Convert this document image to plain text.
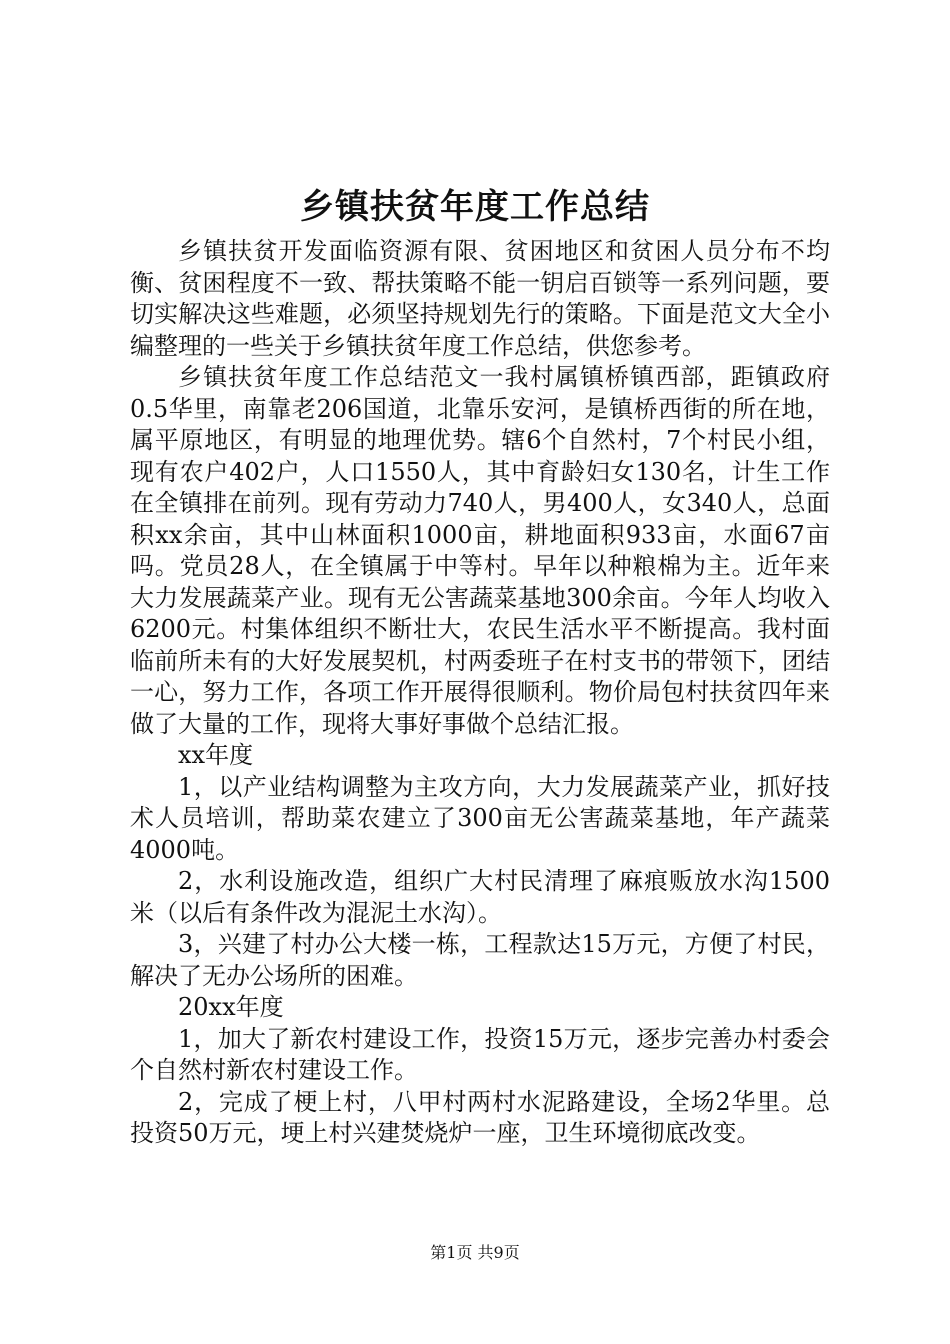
乡镇扶贫年度工作总结

乡镇扶贫开发面临资源有限、贫困地区和贫困人员分布不均衡、贫困程度不一致、帮扶策略不能一钥启百锁等一系列问题，要切实解决这些难题，必须坚持规划先行的策略。下面是范文大全小编整理的一些关于乡镇扶贫年度工作总结，供您参考。

乡镇扶贫年度工作总结范文一我村属镇桥镇西部，距镇政府0.5华里，南靠老206国道，北靠乐安河，是镇桥西街的所在地，属平原地区，有明显的地理优势。辖6个自然村，7个村民小组，现有农户402户，人口1550人，其中育龄妇女130名，计生工作在全镇排在前列。现有劳动力740人，男400人，女340人，总面积xx余亩，其中山林面积1000亩，耕地面积933亩，水面67亩吗。党员28人，在全镇属于中等村。早年以种粮棉为主。近年来大力发展蔬菜产业。现有无公害蔬菜基地300余亩。今年人均收入6200元。村集体组织不断壮大，农民生活水平不断提高。我村面临前所未有的大好发展契机，村两委班子在村支书的带领下，团结一心，努力工作，各项工作开展得很顺利。物价局包村扶贫四年来做了大量的工作，现将大事好事做个总结汇报。

xx年度

1，以产业结构调整为主攻方向，大力发展蔬菜产业，抓好技术人员培训，帮助菜农建立了300亩无公害蔬菜基地，年产蔬菜4000吨。

2，水利设施改造，组织广大村民清理了麻痕贩放水沟1500米（以后有条件改为混泥土水沟）。

3，兴建了村办公大楼一栋，工程款达15万元，方便了村民，解决了无办公场所的困难。

20xx年度

1，加大了新农村建设工作，投资15万元，逐步完善办村委会个自然村新农村建设工作。

2，完成了梗上村，八甲村两村水泥路建设，全场2华里。总投资50万元，埂上村兴建焚烧炉一座，卫生环境彻底改变。

第1页 共9页
